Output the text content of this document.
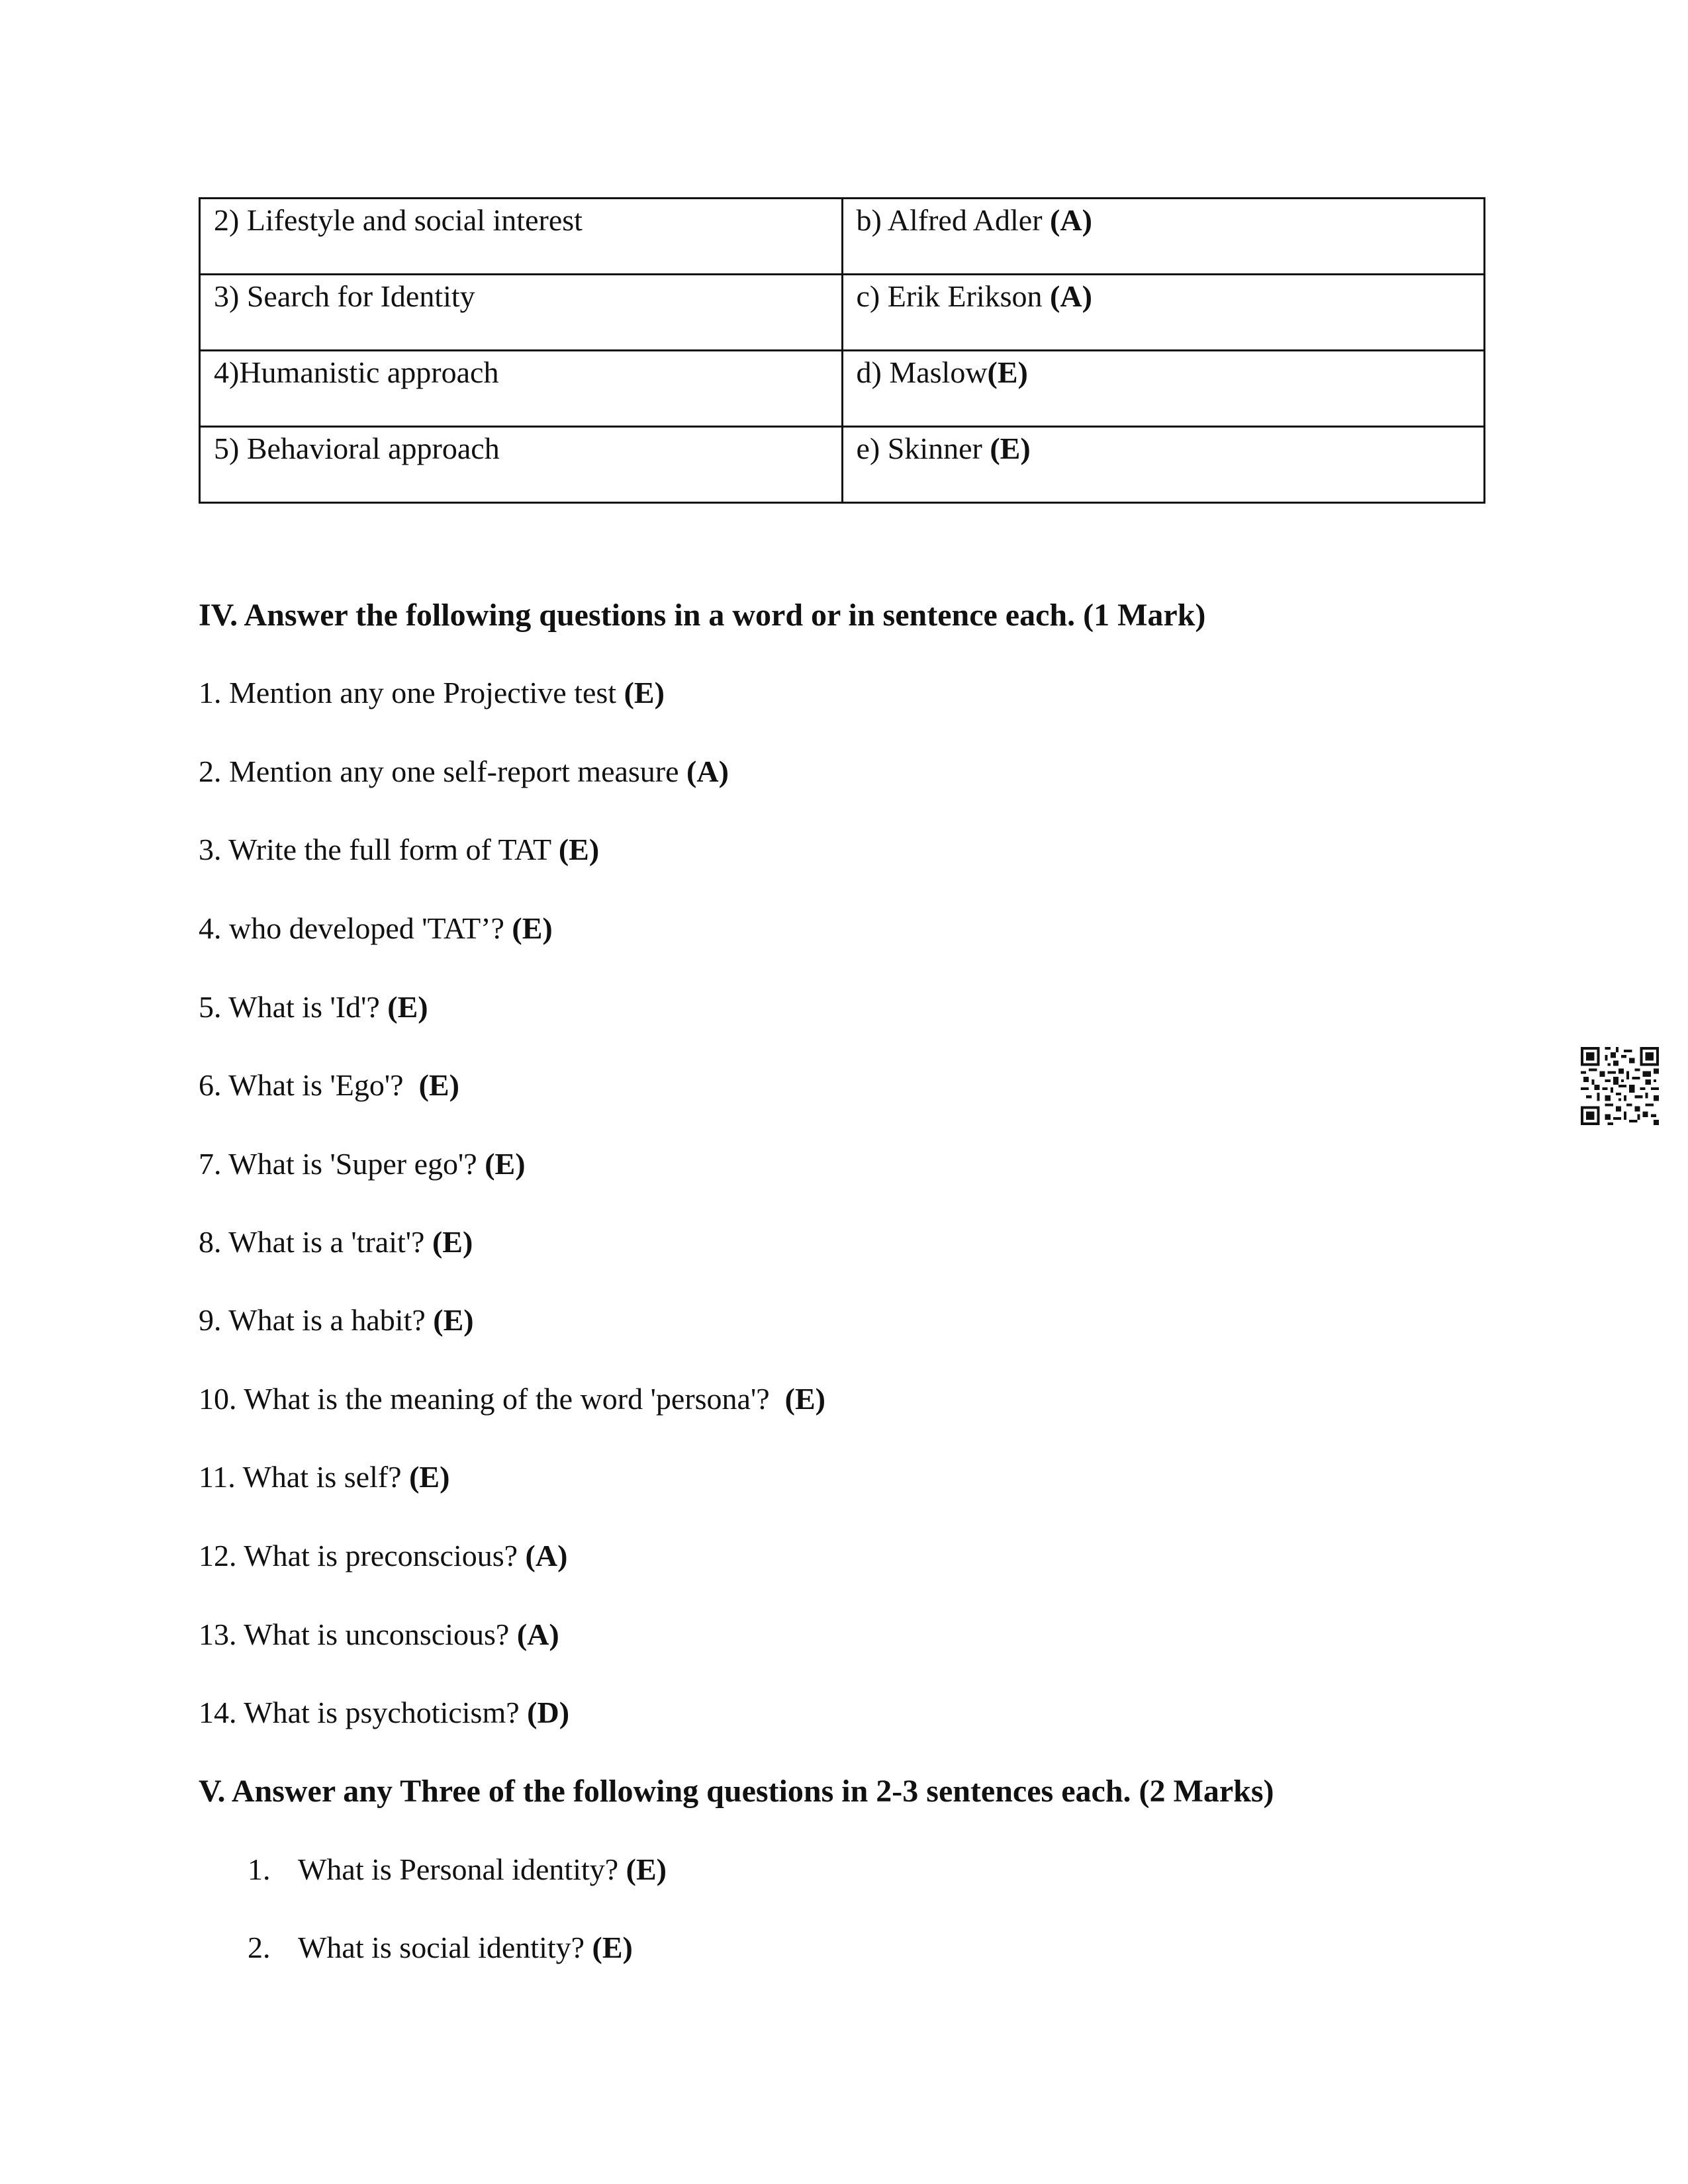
2) Lifestyle and social interest	b) Alfred Adler (A)
3) Search for Identity	c) Erik Erikson (A)
4)Humanistic approach	d) Maslow(E)
5) Behavioral approach	e) Skinner (E)
IV. Answer the following questions in a word or in sentence each. (1 Mark)
1. Mention any one Projective test (E)
2. Mention any one self-report measure (A)
3. Write the full form of TAT (E)
4. who developed 'TAT’? (E)
5. What is 'Id'? (E)
6. What is 'Ego'? (E)
7. What is 'Super ego'? (E)
8. What is a 'trait'? (E)
9. What is a habit? (E)
10. What is the meaning of the word 'persona'? (E)
11. What is self? (E)
12. What is preconscious? (A)
13. What is unconscious? (A)
14. What is psychoticism? (D)
V. Answer any Three of the following questions in 2-3 sentences each. (2 Marks)
1. What is Personal identity? (E)
2. What is social identity? (E)
